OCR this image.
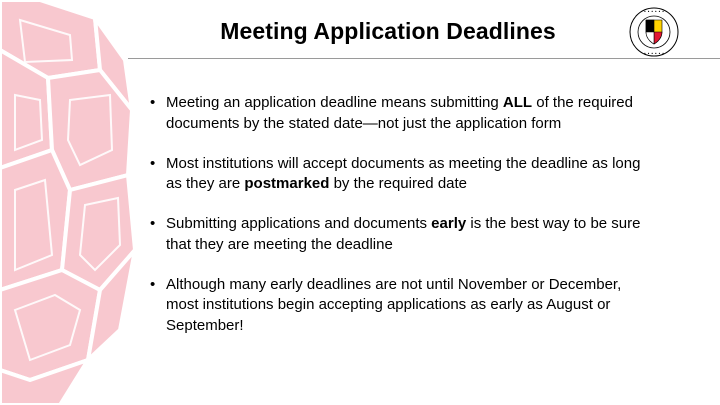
Meeting Application Deadlines
• • • • • •
• • • • • •
• Meeting an application deadline means submitting ALL of the required documents by the stated date—not just the application form
• Most institutions will accept documents as meeting the deadline as long as they are postmarked by the required date
• Submitting applications and documents early is the best way to be sure that they are meeting the deadline
• Although many early deadlines are not until November or December, most institutions begin accepting applications as early as August or September!
